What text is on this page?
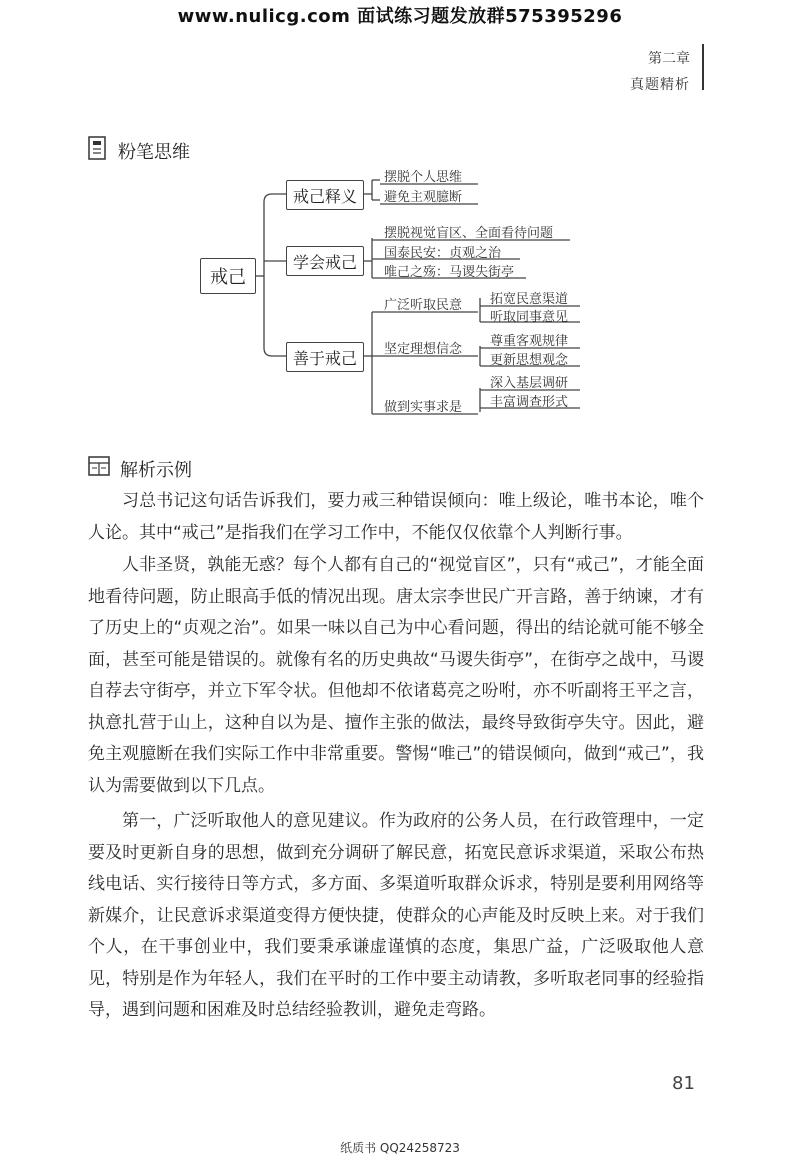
www.nulicg.com 面试练习题发放群575395296
第二章
真题精析
粉笔思维
戒己
戒己释义
学会戒己
善于戒己
摆脱个人思维
避免主观臆断
摆脱视觉盲区、全面看待问题
国泰民安：贞观之治
唯己之殇：马谡失街亭
广泛听取民意
坚定理想信念
做到实事求是
拓宽民意渠道
听取同事意见
尊重客观规律
更新思想观念
深入基层调研
丰富调查形式
解析示例

习总书记这句话告诉我们，要力戒三种错误倾向：唯上级论，唯书本论，唯个人论。其中“戒己”是指我们在学习工作中，不能仅仅依靠个人判断行事。

人非圣贤，孰能无惑？每个人都有自己的“视觉盲区”，只有“戒己”，才能全面地看待问题，防止眼高手低的情况出现。唐太宗李世民广开言路，善于纳谏，才有了历史上的“贞观之治”。如果一味以自己为中心看问题，得出的结论就可能不够全面，甚至可能是错误的。就像有名的历史典故“马谡失街亭”，在街亭之战中，马谡自荐去守街亭，并立下军令状。但他却不依诸葛亮之吩咐，亦不听副将王平之言，执意扎营于山上，这种自以为是、擅作主张的做法，最终导致街亭失守。因此，避免主观臆断在我们实际工作中非常重要。警惕“唯己”的错误倾向，做到“戒己”，我认为需要做到以下几点。

第一，广泛听取他人的意见建议。作为政府的公务人员，在行政管理中，一定要及时更新自身的思想，做到充分调研了解民意，拓宽民意诉求渠道，采取公布热线电话、实行接待日等方式，多方面、多渠道听取群众诉求，特别是要利用网络等新媒介，让民意诉求渠道变得方便快捷，使群众的心声能及时反映上来。对于我们个人，在干事创业中，我们要秉承谦虚谨慎的态度，集思广益，广泛吸取他人意见，特别是作为年轻人，我们在平时的工作中要主动请教，多听取老同事的经验指导，遇到问题和困难及时总结经验教训，避免走弯路。

81
纸质书 QQ24258723
